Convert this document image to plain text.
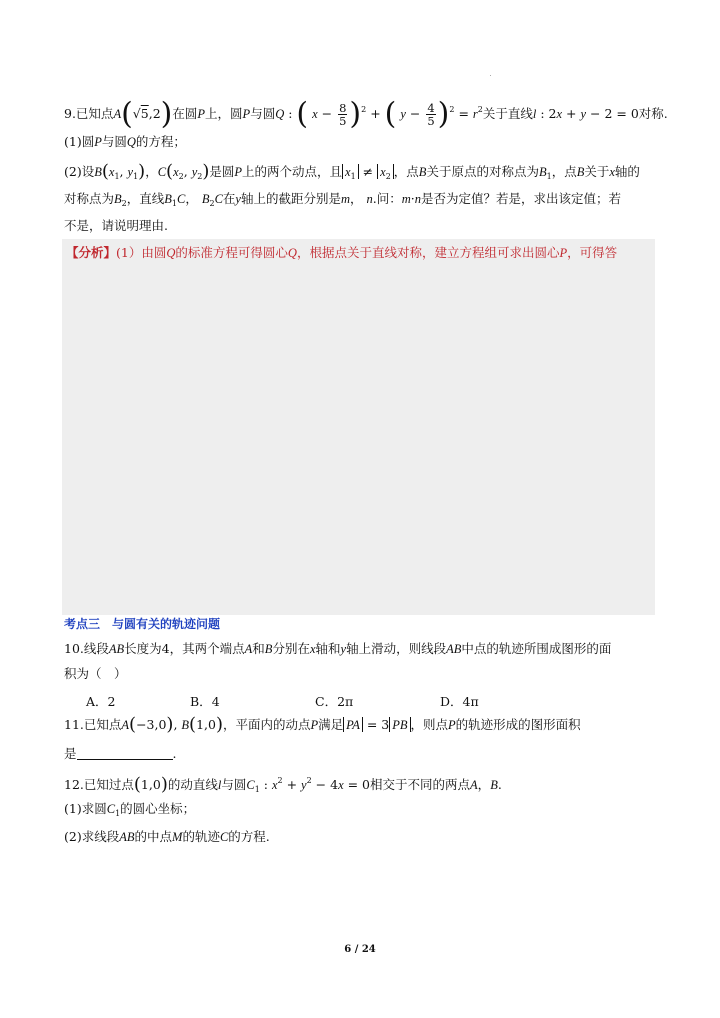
9.已知点A(√5,2)在圆P上，圆P与圆Q : ( $x - \frac{8}{5} )^2$ + ( $y - \frac{4}{5} )^2 = r^2$关于直线l : 2x + y − 2 = 0对称.
(1)圆P与圆Q的方程；
(2)设$B(x_1$, $y_1$)，$C(x_2$, $y_2$)是圆P上的两个动点，且 $x_1 \ne x_2$ ，点B关于原点的对称点为$B_1$，点B关于x轴的
对称点为$B_2$，直线$B_1C$， $B_2C$在y轴上的截距分别是m， n.问：m·n是否为定值？若是，求出该定值；若
不是，请说明理由.
【分析】(1）由圆Q的标准方程可得圆心Q，根据点关于直线对称，建立方程组可求出圆心P，可得答
考点三　与圆有关的轨迹问题
10.线段AB长度为4，其两个端点A和B分别在x轴和y轴上滑动，则线段AB中点的轨迹所围成图形的面
积为（　）
A．2	B．4	C．2π	D．4π
11.已知点A(−3,0), B(1,0)，平面内的动点P满足 PA = 3 PB ，则点P的轨迹形成的图形面积
是	.
12.已知过点(1,0)的动直线l与圆$C_1$ : $x^2 + y^2 - 4x = 0$相交于不同的两点A，B.
(1)求圆$C_1$的圆心坐标；
(2)求线段AB的中点M的轨迹C的方程.
6 / 24
